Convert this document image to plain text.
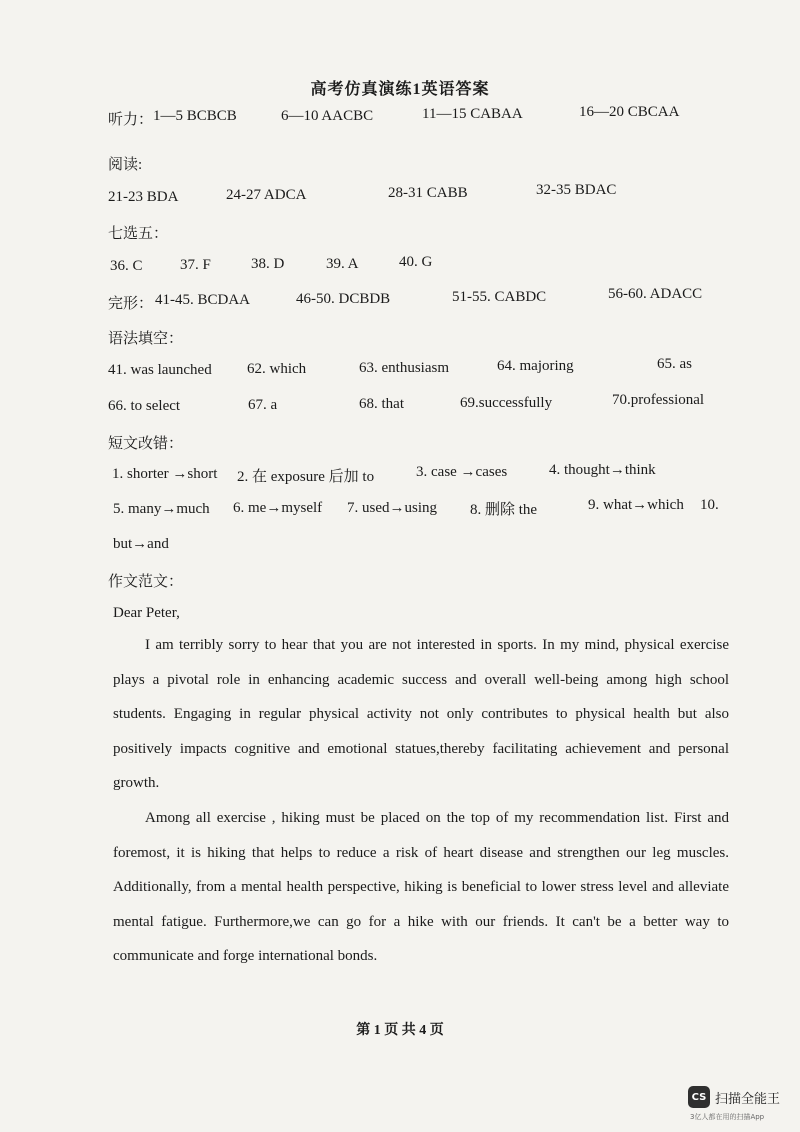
高考仿真演练1英语答案
听力： 1—5 BCBCB	6—10 AACBC	11—15 CABAA	16—20 CBCAA
阅读:
21-23 BDA	24-27 ADCA	28-31 CABB	32-35 BDAC
七选五：
36. C 37. F	38. D	39. A	40. G
完形： 41-45. BCDAA	46-50. DCBDB	51-55. CABDC	56-60. ADACC
语法填空：
41. was launched 62. which	63. enthusiasm	64. majoring	65. as
66. to select	67. a	68. that	69.successfully	70.professional
短文改错：
1. shorter →short 2. 在 exposure 后加 to	3. case →cases	4. thought→think
5. many→much 6. me→myself 7. used→using 8. 删除 the	9. what→which 10.
but→and
作文范文：
Dear Peter,

I am terribly sorry to hear that you are not interested in sports. In my mind, physical exercise plays a pivotal role in enhancing academic success and overall well-being among high school students. Engaging in regular physical activity not only contributes to physical health but also positively impacts cognitive and emotional statues,thereby facilitating achievement and personal growth.

Among all exercise , hiking must be placed on the top of my recommendation list. First and foremost, it is hiking that helps to reduce a risk of heart disease and strengthen our leg muscles. Additionally, from a mental health perspective, hiking is beneficial to lower stress level and alleviate mental fatigue. Furthermore,we can go for a hike with our friends. It can't be a better way to communicate and forge international bonds.

第 1 页 共 4 页
CS 扫描全能王
3亿人都在用的扫描App
